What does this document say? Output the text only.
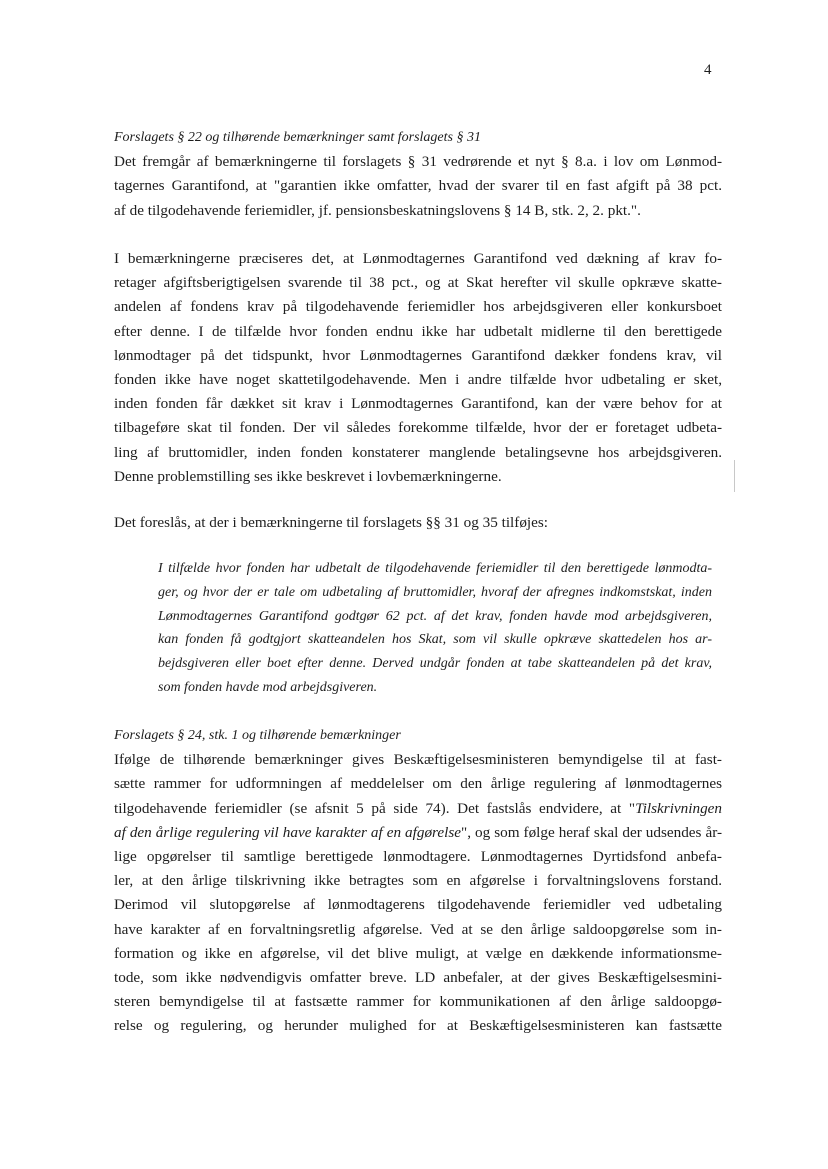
4
Forslagets § 22 og tilhørende bemærkninger samt forslagets § 31
Det fremgår af bemærkningerne til forslagets § 31 vedrørende et nyt § 8.a. i lov om Lønmod-
tagernes Garantifond, at "garantien ikke omfatter, hvad der svarer til en fast afgift på 38 pct.
af de tilgodehavende feriemidler, jf. pensionsbeskatningslovens § 14 B, stk. 2, 2. pkt.".
I bemærkningerne præciseres det, at Lønmodtagernes Garantifond ved dækning af krav fo-
retager afgiftsberigtigelsen svarende til 38 pct., og at Skat herefter vil skulle opkræve skatte-
andelen af fondens krav på tilgodehavende feriemidler hos arbejdsgiveren eller konkursboet
efter denne. I de tilfælde hvor fonden endnu ikke har udbetalt midlerne til den berettigede
lønmodtager på det tidspunkt, hvor Lønmodtagernes Garantifond dækker fondens krav, vil
fonden ikke have noget skattetilgodehavende. Men i andre tilfælde hvor udbetaling er sket,
inden fonden får dækket sit krav i Lønmodtagernes Garantifond, kan der være behov for at
tilbageføre skat til fonden. Der vil således forekomme tilfælde, hvor der er foretaget udbeta-
ling af bruttomidler, inden fonden konstaterer manglende betalingsevne hos arbejdsgiveren.
Denne problemstilling ses ikke beskrevet i lovbemærkningerne.
Det foreslås, at der i bemærkningerne til forslagets §§ 31 og 35 tilføjes:
I tilfælde hvor fonden har udbetalt de tilgodehavende feriemidler til den berettigede lønmodta-
ger, og hvor der er tale om udbetaling af bruttomidler, hvoraf der afregnes indkomstskat, inden
Lønmodtagernes Garantifond godtgør 62 pct. af det krav, fonden havde mod arbejdsgiveren,
kan fonden få godtgjort skatteandelen hos Skat, som vil skulle opkræve skattedelen hos ar-
bejdsgiveren eller boet efter denne. Derved undgår fonden at tabe skatteandelen på det krav,
som fonden havde mod arbejdsgiveren.
Forslagets § 24, stk. 1 og tilhørende bemærkninger
Ifølge de tilhørende bemærkninger gives Beskæftigelsesministeren bemyndigelse til at fast-
sætte rammer for udformningen af meddelelser om den årlige regulering af lønmodtagernes
tilgodehavende feriemidler (se afsnit 5 på side 74). Det fastslås endvidere, at "Tilskrivningen
af den årlige regulering vil have karakter af en afgørelse", og som følge heraf skal der udsendes år-
lige opgørelser til samtlige berettigede lønmodtagere. Lønmodtagernes Dyrtidsfond anbefa-
ler, at den årlige tilskrivning ikke betragtes som en afgørelse i forvaltningslovens forstand.
Derimod vil slutopgørelse af lønmodtagerens tilgodehavende feriemidler ved udbetaling
have karakter af en forvaltningsretlig afgørelse. Ved at se den årlige saldoopgørelse som in-
formation og ikke en afgørelse, vil det blive muligt, at vælge en dækkende informationsme-
tode, som ikke nødvendigvis omfatter breve. LD anbefaler, at der gives Beskæftigelsesmini-
steren bemyndigelse til at fastsætte rammer for kommunikationen af den årlige saldoopgø-
relse og regulering, og herunder mulighed for at Beskæftigelsesministeren kan fastsætte
